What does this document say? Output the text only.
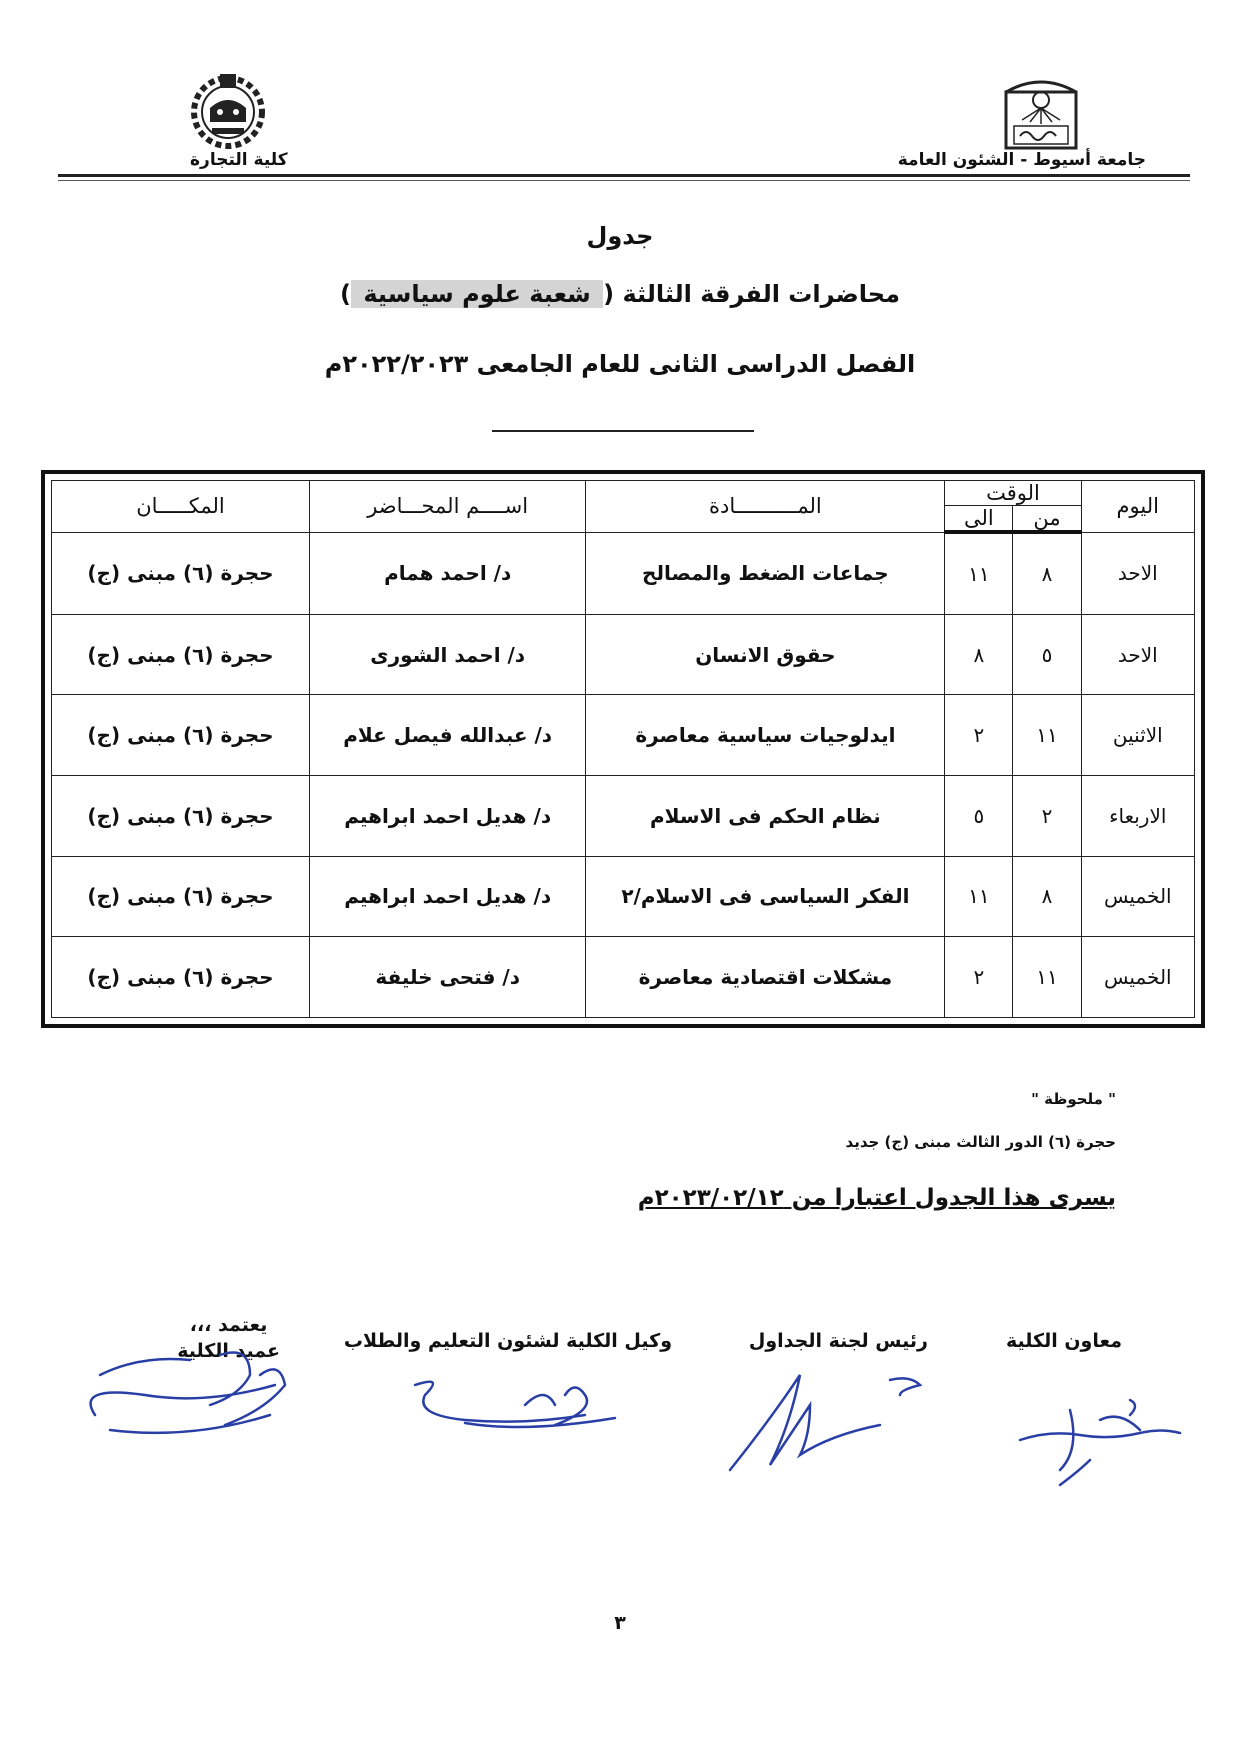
جامعة أسيوط - الشئون العامة
كلية التجارة
جدول
محاضرات الفرقة الثالثة ( شعبة علوم سياسية )
الفصل الدراسى الثانى للعام الجامعى ٢٠٢٢/٢٠٢٣م
اليوم	الوقت		المــــــــــادة	اســــم المحـــاضر	المكـــــان
	من	الى			
الاحد	٨	١١	جماعات الضغط والمصالح	د/ احمد همام	حجرة (٦) مبنى (ج)
الاحد	٥	٨	حقوق الانسان	د/ احمد الشورى	حجرة (٦) مبنى (ج)
الاثنين	١١	٢	ايدلوجيات سياسية معاصرة	د/ عبدالله فيصل علام	حجرة (٦) مبنى (ج)
الاربعاء	٢	٥	نظام الحكم فى الاسلام	د/ هديل احمد ابراهيم	حجرة (٦) مبنى (ج)
الخميس	٨	١١	الفكر السياسى فى الاسلام/٢	د/ هديل احمد ابراهيم	حجرة (٦) مبنى (ج)
الخميس	١١	٢	مشكلات اقتصادية معاصرة	د/ فتحى خليفة	حجرة (٦) مبنى (ج)
" ملحوظة "
حجرة (٦) الدور الثالث مبنى (ج) جديد
يسرى هذا الجدول اعتبارا من ٢٠٢٣/٠٢/١٢م
معاون الكلية
رئيس لجنة الجداول
وكيل الكلية لشئون التعليم والطلاب
يعتمد ،،،
عميد الكلية
٣
